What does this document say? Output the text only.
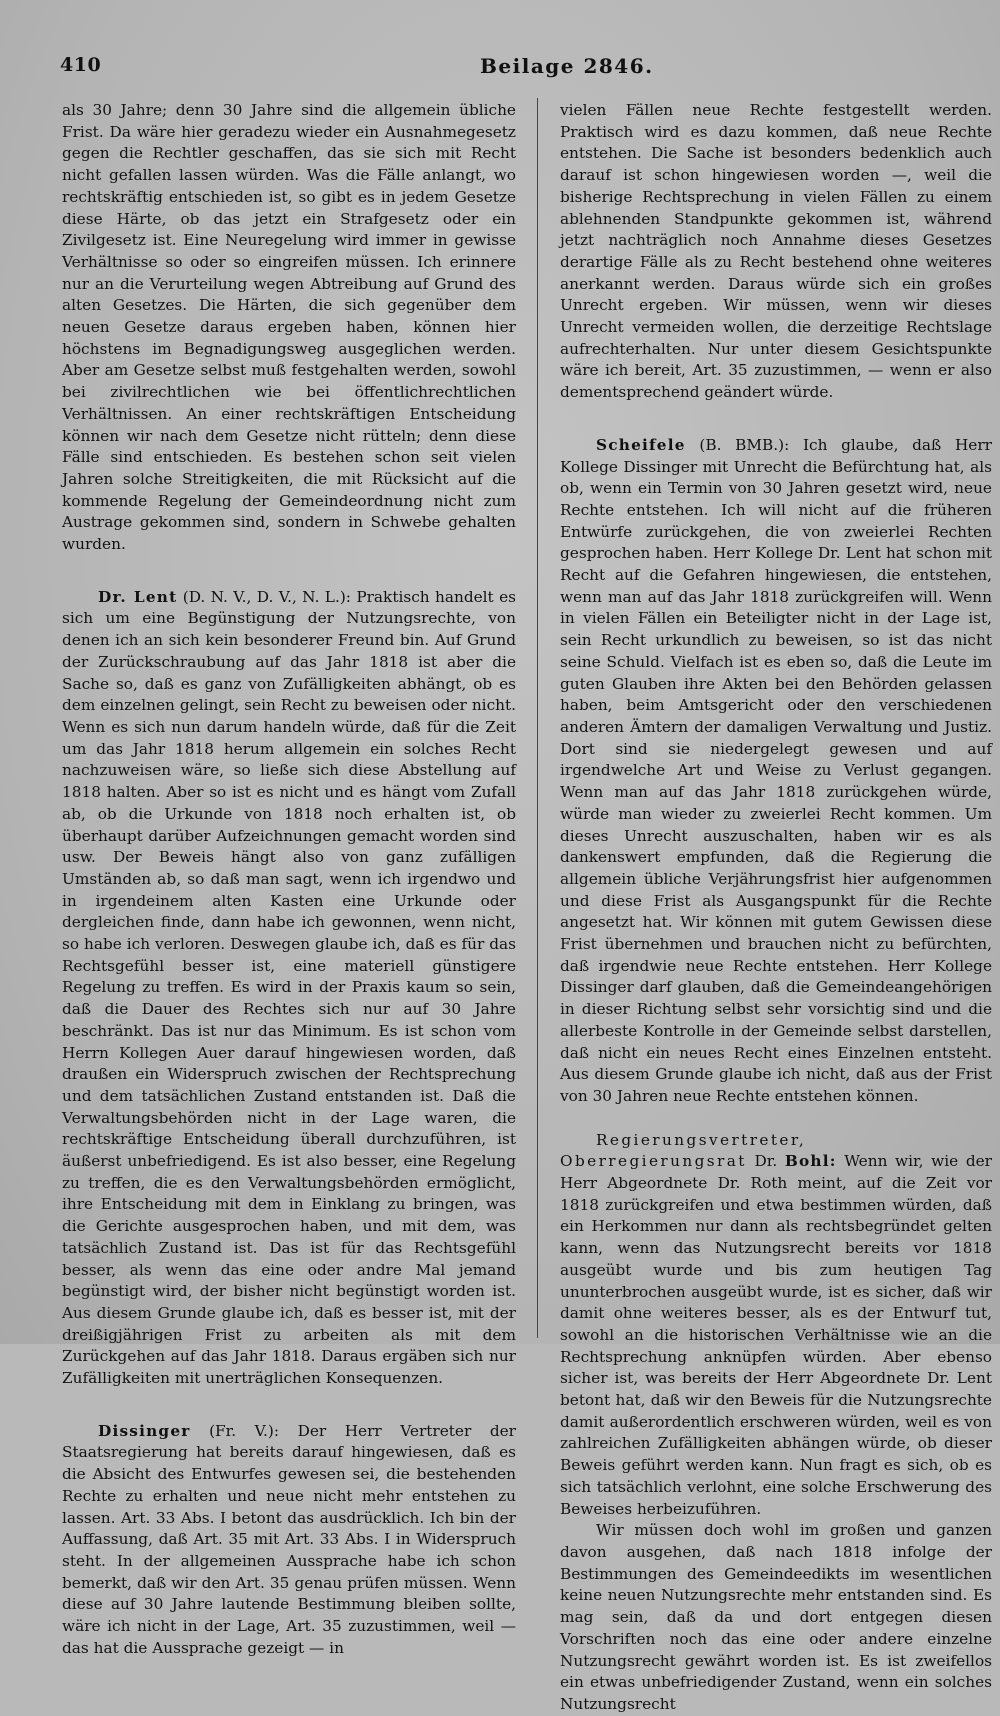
410	Beilage 2846.

als 30 Jahre; denn 30 Jahre sind die allgemein übliche Frist. Da wäre hier geradezu wieder ein Ausnahmegesetz gegen die Rechtler geschaffen, das sie sich mit Recht nicht gefallen lassen würden. Was die Fälle anlangt, wo rechtskräftig entschieden ist, so gibt es in jedem Gesetze diese Härte, ob das jetzt ein Strafgesetz oder ein Zivilgesetz ist. Eine Neuregelung wird immer in gewisse Verhältnisse so oder so eingreifen müssen. Ich erinnere nur an die Verurteilung wegen Abtreibung auf Grund des alten Gesetzes. Die Härten, die sich gegenüber dem neuen Gesetze daraus ergeben haben, können hier höchstens im Begnadigungsweg ausgeglichen werden. Aber am Gesetze selbst muß festgehalten werden, sowohl bei zivilrechtlichen wie bei öffentlichrechtlichen Verhältnissen. An einer rechtskräftigen Entscheidung können wir nach dem Gesetze nicht rütteln; denn diese Fälle sind entschieden. Es bestehen schon seit vielen Jahren solche Streitigkeiten, die mit Rücksicht auf die kommende Regelung der Gemeindeordnung nicht zum Austrage gekommen sind, sondern in Schwebe gehalten wurden.

Dr. Lent (D. N. V., D. V., N. L.): Praktisch handelt es sich um eine Begünstigung der Nutzungsrechte, von denen ich an sich kein besonderer Freund bin. Auf Grund der Zurückschraubung auf das Jahr 1818 ist aber die Sache so, daß es ganz von Zufälligkeiten abhängt, ob es dem einzelnen gelingt, sein Recht zu beweisen oder nicht. Wenn es sich nun darum handeln würde, daß für die Zeit um das Jahr 1818 herum allgemein ein solches Recht nachzuweisen wäre, so ließe sich diese Abstellung auf 1818 halten. Aber so ist es nicht und es hängt vom Zufall ab, ob die Urkunde von 1818 noch erhalten ist, ob überhaupt darüber Aufzeichnungen gemacht worden sind usw. Der Beweis hängt also von ganz zufälligen Umständen ab, so daß man sagt, wenn ich irgendwo und in irgendeinem alten Kasten eine Urkunde oder dergleichen finde, dann habe ich gewonnen, wenn nicht, so habe ich verloren. Deswegen glaube ich, daß es für das Rechtsgefühl besser ist, eine materiell günstigere Regelung zu treffen. Es wird in der Praxis kaum so sein, daß die Dauer des Rechtes sich nur auf 30 Jahre beschränkt. Das ist nur das Minimum. Es ist schon vom Herrn Kollegen Auer darauf hingewiesen worden, daß draußen ein Widerspruch zwischen der Rechtsprechung und dem tatsächlichen Zustand entstanden ist. Daß die Verwaltungsbehörden nicht in der Lage waren, die rechtskräftige Entscheidung überall durchzuführen, ist äußerst unbefriedigend. Es ist also besser, eine Regelung zu treffen, die es den Verwaltungsbehörden ermöglicht, ihre Entscheidung mit dem in Einklang zu bringen, was die Gerichte ausgesprochen haben, und mit dem, was tatsächlich Zustand ist. Das ist für das Rechtsgefühl besser, als wenn das eine oder andre Mal jemand begünstigt wird, der bisher nicht begünstigt worden ist. Aus diesem Grunde glaube ich, daß es besser ist, mit der dreißigjährigen Frist zu arbeiten als mit dem Zurückgehen auf das Jahr 1818. Daraus ergäben sich nur Zufälligkeiten mit unerträglichen Konsequenzen.

Dissinger (Fr. V.): Der Herr Vertreter der Staatsregierung hat bereits darauf hingewiesen, daß es die Absicht des Entwurfes gewesen sei, die bestehenden Rechte zu erhalten und neue nicht mehr entstehen zu lassen. Art. 33 Abs. I betont das ausdrücklich. Ich bin der Auffassung, daß Art. 35 mit Art. 33 Abs. I in Widerspruch steht. In der allgemeinen Aussprache habe ich schon bemerkt, daß wir den Art. 35 genau prüfen müssen. Wenn diese auf 30 Jahre lautende Bestimmung bleiben sollte, wäre ich nicht in der Lage, Art. 35 zuzustimmen, weil — das hat die Aussprache gezeigt — in

vielen Fällen neue Rechte festgestellt werden. Praktisch wird es dazu kommen, daß neue Rechte entstehen. Die Sache ist besonders bedenklich auch darauf ist schon hingewiesen worden —, weil die bisherige Rechtsprechung in vielen Fällen zu einem ablehnenden Standpunkte gekommen ist, während jetzt nachträglich noch Annahme dieses Gesetzes derartige Fälle als zu Recht bestehend ohne weiteres anerkannt werden. Daraus würde sich ein großes Unrecht ergeben. Wir müssen, wenn wir dieses Unrecht vermeiden wollen, die derzeitige Rechtslage aufrechterhalten. Nur unter diesem Gesichtspunkte wäre ich bereit, Art. 35 zuzustimmen, — wenn er also dementsprechend geändert würde.

Scheifele (B. BMB.): Ich glaube, daß Herr Kollege Dissinger mit Unrecht die Befürchtung hat, als ob, wenn ein Termin von 30 Jahren gesetzt wird, neue Rechte entstehen. Ich will nicht auf die früheren Entwürfe zurückgehen, die von zweierlei Rechten gesprochen haben. Herr Kollege Dr. Lent hat schon mit Recht auf die Gefahren hingewiesen, die entstehen, wenn man auf das Jahr 1818 zurückgreifen will. Wenn in vielen Fällen ein Beteiligter nicht in der Lage ist, sein Recht urkundlich zu beweisen, so ist das nicht seine Schuld. Vielfach ist es eben so, daß die Leute im guten Glauben ihre Akten bei den Behörden gelassen haben, beim Amtsgericht oder den verschiedenen anderen Ämtern der damaligen Verwaltung und Justiz. Dort sind sie niedergelegt gewesen und auf irgendwelche Art und Weise zu Verlust gegangen. Wenn man auf das Jahr 1818 zurückgehen würde, würde man wieder zu zweierlei Recht kommen. Um dieses Unrecht auszuschalten, haben wir es als dankenswert empfunden, daß die Regierung die allgemein übliche Verjährungsfrist hier aufgenommen und diese Frist als Ausgangspunkt für die Rechte angesetzt hat. Wir können mit gutem Gewissen diese Frist übernehmen und brauchen nicht zu befürchten, daß irgendwie neue Rechte entstehen. Herr Kollege Dissinger darf glauben, daß die Gemeindeangehörigen in dieser Richtung selbst sehr vorsichtig sind und die allerbeste Kontrolle in der Gemeinde selbst darstellen, daß nicht ein neues Recht eines Einzelnen entsteht. Aus diesem Grunde glaube ich nicht, daß aus der Frist von 30 Jahren neue Rechte entstehen können.

Regierungsvertreter, Oberregierungsrat Dr. Bohl: Wenn wir, wie der Herr Abgeordnete Dr. Roth meint, auf die Zeit vor 1818 zurückgreifen und etwa bestimmen würden, daß ein Herkommen nur dann als rechtsbegründet gelten kann, wenn das Nutzungsrecht bereits vor 1818 ausgeübt wurde und bis zum heutigen Tag ununterbrochen ausgeübt wurde, ist es sicher, daß wir damit ohne weiteres besser, als es der Entwurf tut, sowohl an die historischen Verhältnisse wie an die Rechtsprechung anknüpfen würden. Aber ebenso sicher ist, was bereits der Herr Abgeordnete Dr. Lent betont hat, daß wir den Beweis für die Nutzungsrechte damit außerordentlich erschweren würden, weil es von zahlreichen Zufälligkeiten abhängen würde, ob dieser Beweis geführt werden kann. Nun fragt es sich, ob es sich tatsächlich verlohnt, eine solche Erschwerung des Beweises herbeizuführen.

Wir müssen doch wohl im großen und ganzen davon ausgehen, daß nach 1818 infolge der Bestimmungen des Gemeindeedikts im wesentlichen keine neuen Nutzungsrechte mehr entstanden sind. Es mag sein, daß da und dort entgegen diesen Vorschriften noch das eine oder andere einzelne Nutzungsrecht gewährt worden ist. Es ist zweifellos ein etwas unbefriedigender Zustand, wenn ein solches Nutzungsrecht
